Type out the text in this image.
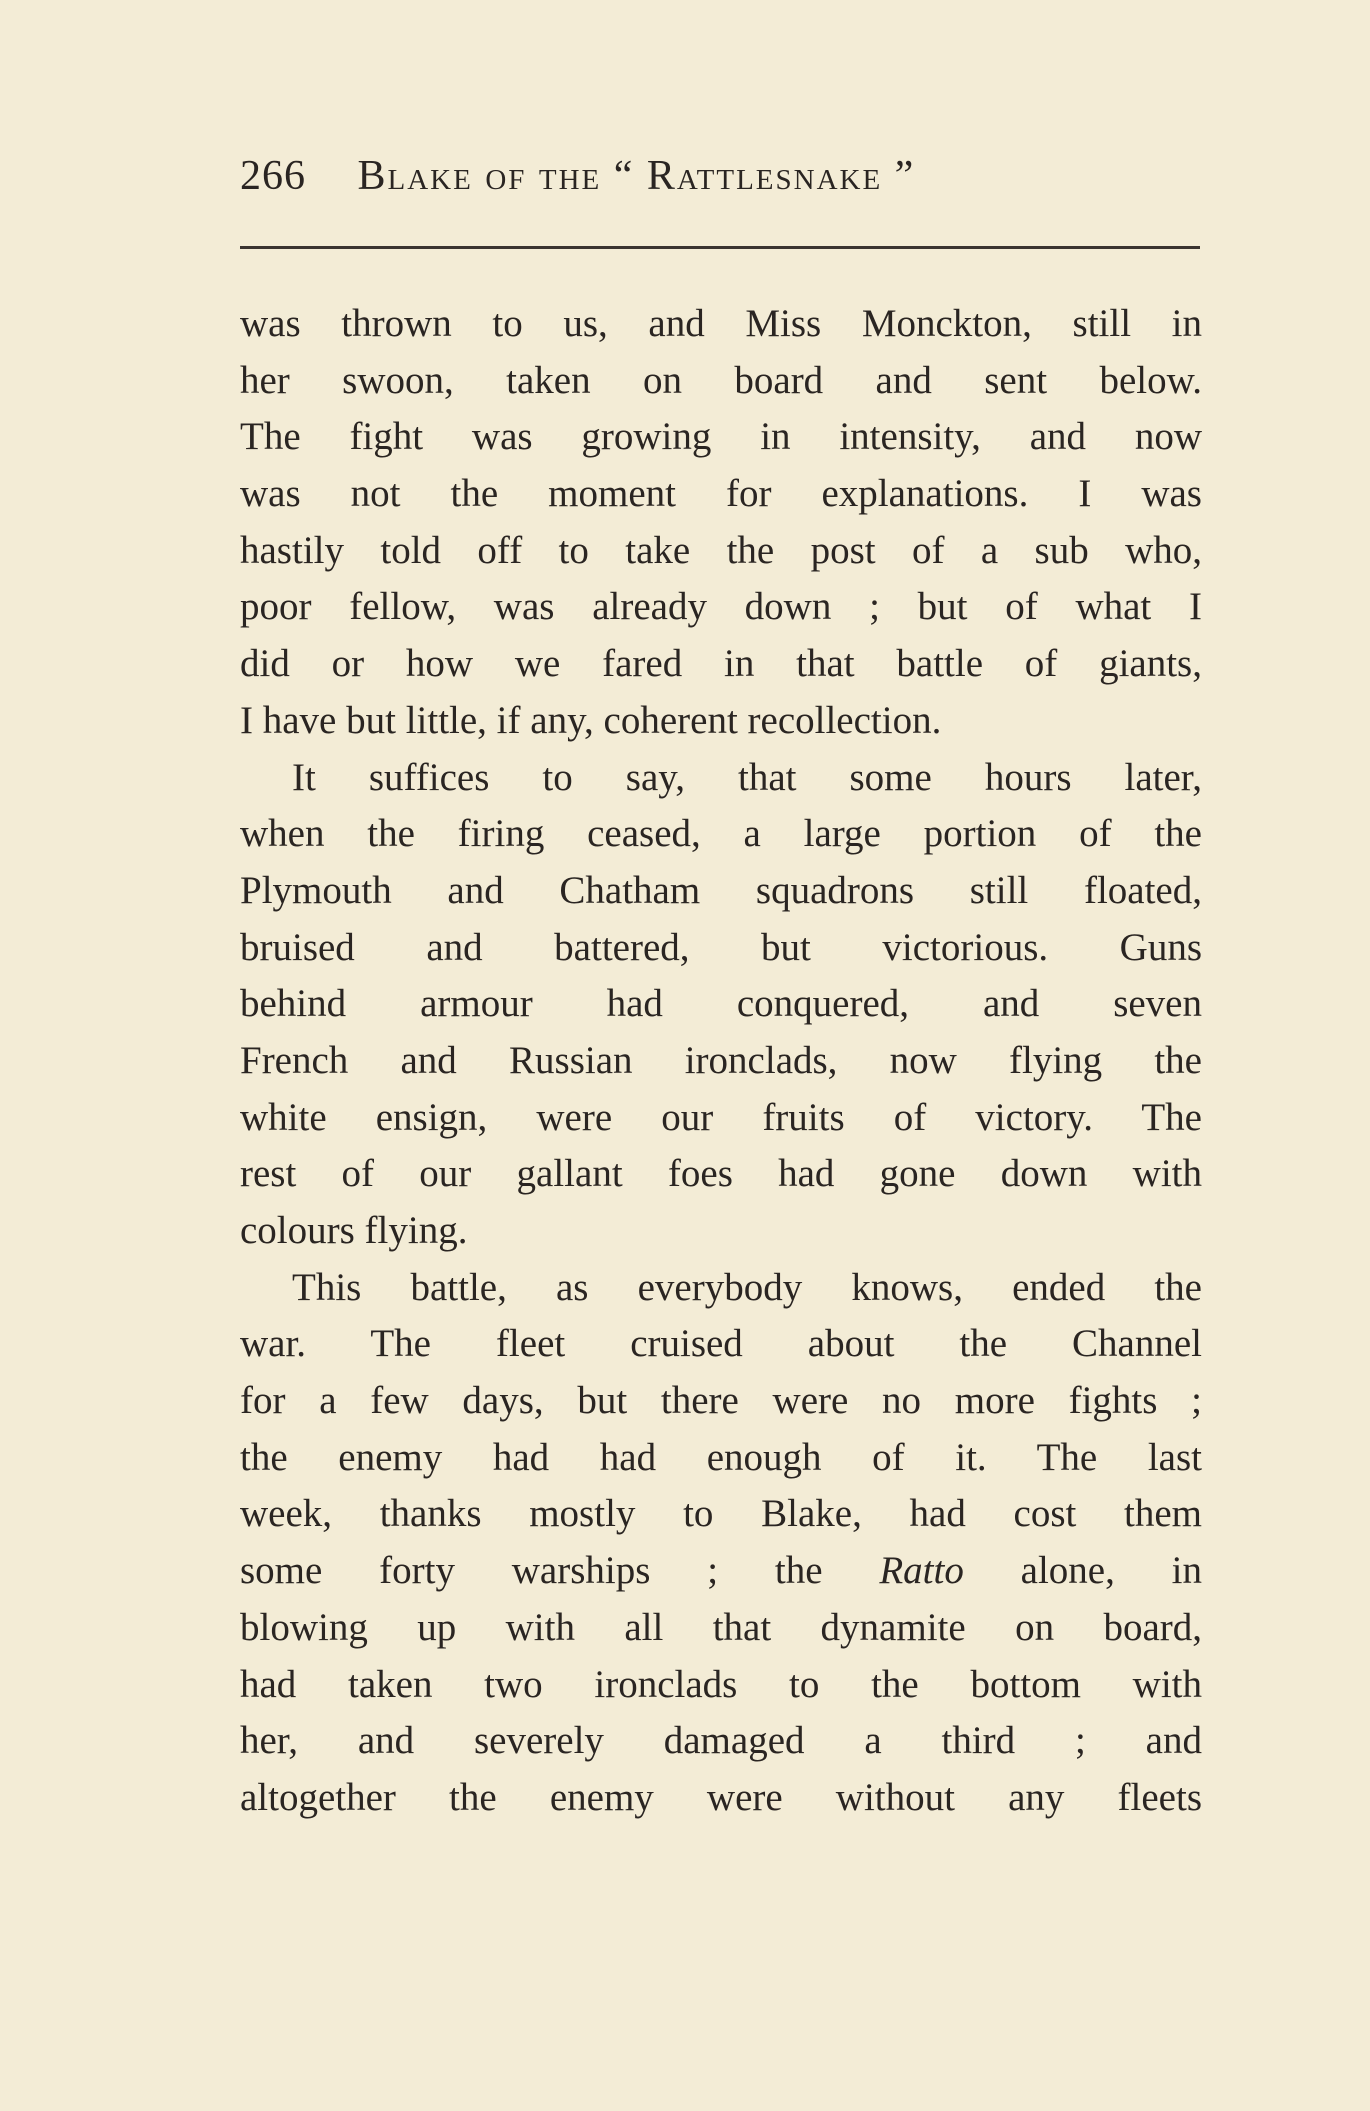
266 Blake of the “ Rattlesnake ”
was thrown to us, and Miss Monckton, still in
her swoon, taken on board and sent below.
The fight was growing in intensity, and now
was not the moment for explanations. I was
hastily told off to take the post of a sub who,
poor fellow, was already down ; but of what I
did or how we fared in that battle of giants,
I have but little, if any, coherent recollection.
It suffices to say, that some hours later,
when the firing ceased, a large portion of the
Plymouth and Chatham squadrons still floated,
bruised and battered, but victorious. Guns
behind armour had conquered, and seven
French and Russian ironclads, now flying the
white ensign, were our fruits of victory. The
rest of our gallant foes had gone down with
colours flying.
This battle, as everybody knows, ended the
war. The fleet cruised about the Channel
for a few days, but there were no more fights ;
the enemy had had enough of it. The last
week, thanks mostly to Blake, had cost them
some forty warships ; the Ratto alone, in
blowing up with all that dynamite on board,
had taken two ironclads to the bottom with
her, and severely damaged a third ; and
altogether the enemy were without any fleets
